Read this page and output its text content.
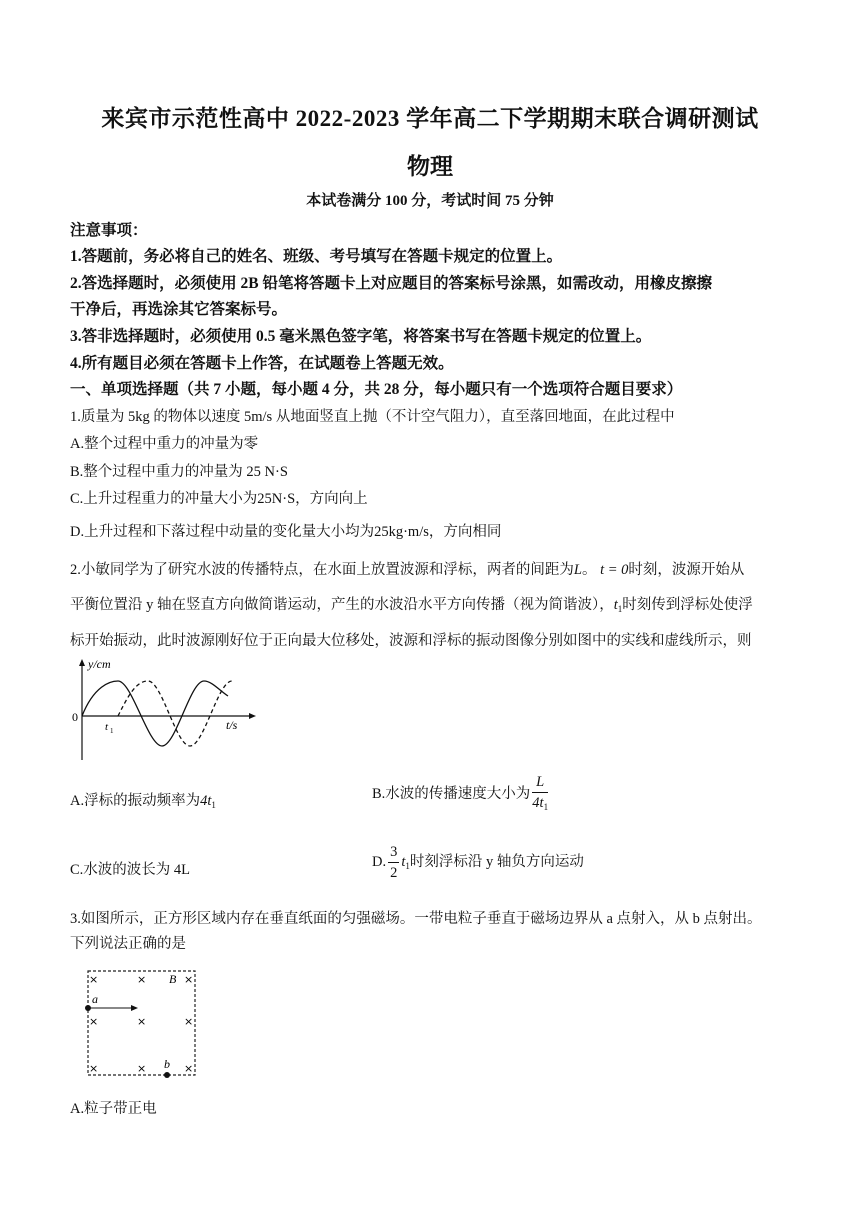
来宾市示范性高中 2022-2023 学年高二下学期期末联合调研测试
物理
本试卷满分 100 分，考试时间 75 分钟
注意事项：
1.答题前，务必将自己的姓名、班级、考号填写在答题卡规定的位置上。
2.答选择题时，必须使用 2B 铅笔将答题卡上对应题目的答案标号涂黑，如需改动，用橡皮擦擦
干净后，再选涂其它答案标号。
3.答非选择题时，必须使用 0.5 毫米黑色签字笔，将答案书写在答题卡规定的位置上。
4.所有题目必须在答题卡上作答，在试题卷上答题无效。
一、单项选择题（共 7 小题，每小题 4 分，共 28 分，每小题只有一个选项符合题目要求）
1.质量为 5kg 的物体以速度 5m/s 从地面竖直上抛（不计空气阻力），直至落回地面，在此过程中
A.整个过程中重力的冲量为零
B.整个过程中重力的冲量为 25 N·S
C.上升过程重力的冲量大小为25N·S，方向向上
D.上升过程和下落过程中动量的变化量大小均为25kg·m/s，方向相同
2.小敏同学为了研究水波的传播特点，在水面上放置波源和浮标，两者的间距为L。 t = 0时刻，波源开始从
平衡位置沿 y 轴在竖直方向做简谐运动，产生的水波沿水平方向传播（视为简谐波），$t_1$时刻传到浮标处使浮
标开始振动，此时波源刚好位于正向最大位移处，波源和浮标的振动图像分别如图中的实线和虚线所示，则
y/cm
0
t/s
t 1
A.浮标的振动频率为$4t_1$
B.水波的传播速度大小为 $\frac{L}{4t_1}$
C.水波的波长为 4L
D. $\frac{3}{2} t_1$时刻浮标沿 y 轴负方向运动
3.如图所示，正方形区域内存在垂直纸面的匀强磁场。一带电粒子垂直于磁场边界从 a 点射入，从 b 点射出。
下列说法正确的是
×	×	×
×	×	×
×	×	×
B
a
b
A.粒子带正电
